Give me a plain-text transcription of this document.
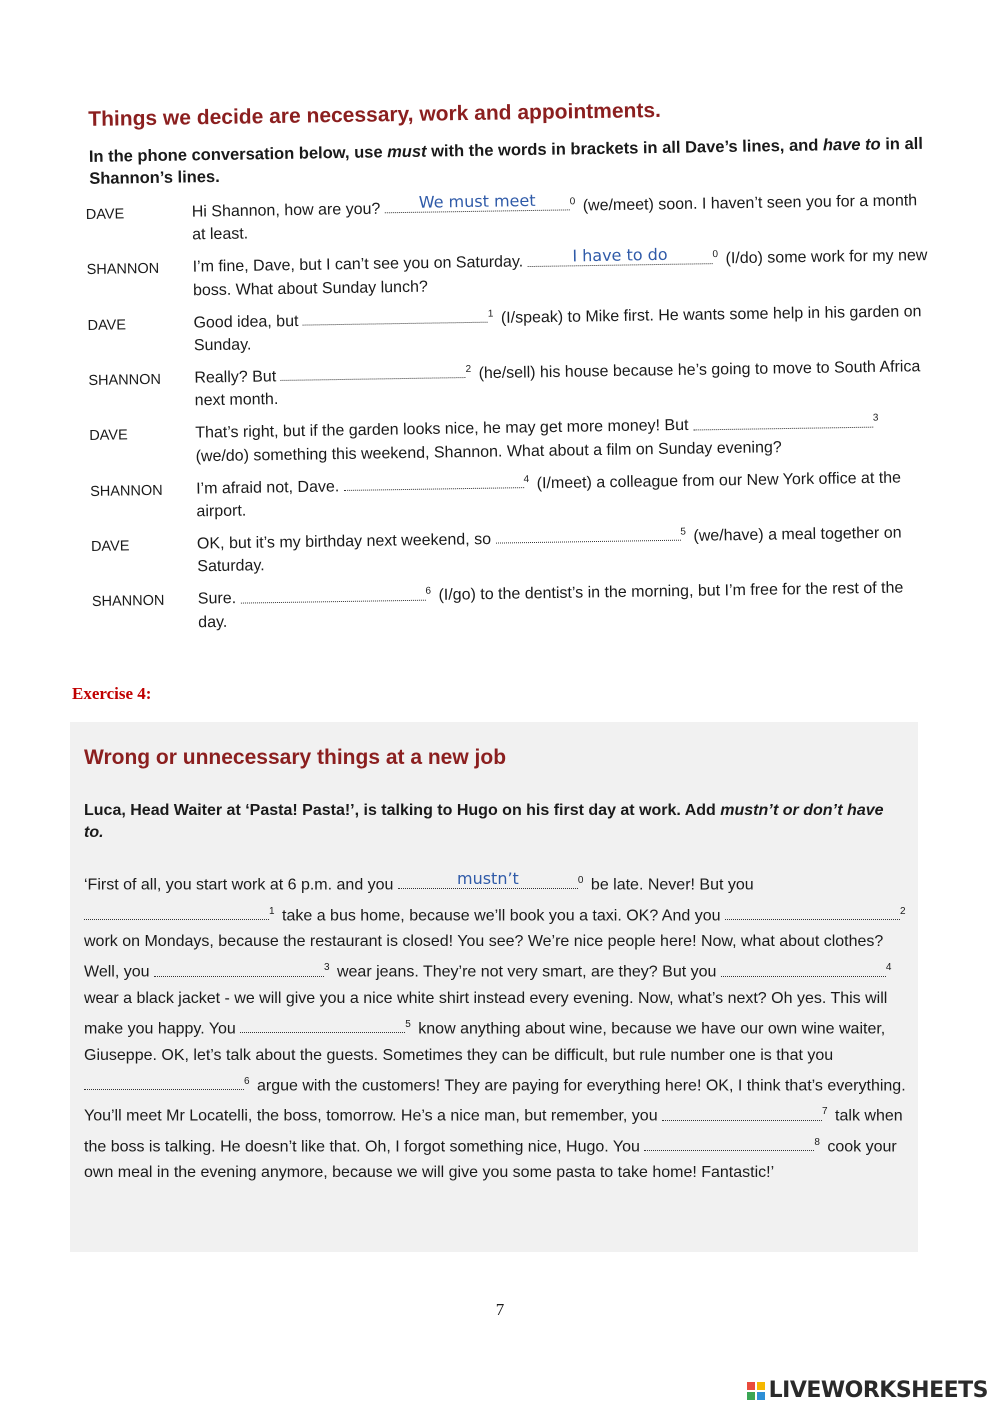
Things we decide are necessary, work and appointments.
In the phone conversation below, use must with the words in brackets in all Dave’s lines, and have to in all Shannon’s lines.
DAVE	Hi Shannon, how are you?	We must meet	$^0$ (we/meet) soon. I haven’t seen you for a month at least.
SHANNON	I’m fine, Dave, but I can’t see you on Saturday.	I have to do	$^0$ (I/do) some work for my new boss. What about Sunday lunch?
DAVE	Good idea, but	$^1$ (I/speak) to Mike first. He wants some help in his garden on Sunday.
SHANNON	Really? But	$^2$ (he/sell) his house because he’s going to move to South Africa next month.
DAVE	That’s right, but if the garden looks nice, he may get more money! But	$^3$ (we/do) something this weekend, Shannon. What about a film on Sunday evening?
SHANNON	I’m afraid not, Dave.	$^4$ (I/meet) a colleague from our New York office at the airport.
DAVE	OK, but it’s my birthday next weekend, so	$^5$ (we/have) a meal together on Saturday.
SHANNON	Sure.	$^6$ (I/go) to the dentist’s in the morning, but I’m free for the rest of the day.
Exercise 4:
Wrong or unnecessary things at a new job
Luca, Head Waiter at ‘Pasta! Pasta!’, is talking to Hugo on his first day at work. Add mustn’t or don’t have to.
‘First of all, you start work at 6 p.m. and you	mustn’t	$^0$ be late. Never! But you $^1$ take a bus home, because we’ll book you a taxi. OK? And you	$^2$ work on Mondays, because the restaurant is closed! You see? We’re nice people here! Now, what about clothes? Well, you	$^3$ wear jeans. They’re not very smart, are they? But you	$^4$ wear a black jacket - we will give you a nice white shirt instead every evening. Now, what’s next? Oh yes. This will make you happy. You	$^5$ know anything about wine, because we have our own wine waiter, Giuseppe. OK, let’s talk about the guests. Sometimes they can be difficult, but rule number one is that you $^6$ argue with the customers! They are paying for everything here! OK, I think that’s everything. You’ll meet Mr Locatelli, the boss, tomorrow. He’s a nice man, but remember, you	$^7$ talk when the boss is talking. He doesn’t like that. Oh, I forgot something nice, Hugo. You	$^8$ cook your own meal in the evening anymore, because we will give you some pasta to take home! Fantastic!’
7
LIVEWORKSHEETS
